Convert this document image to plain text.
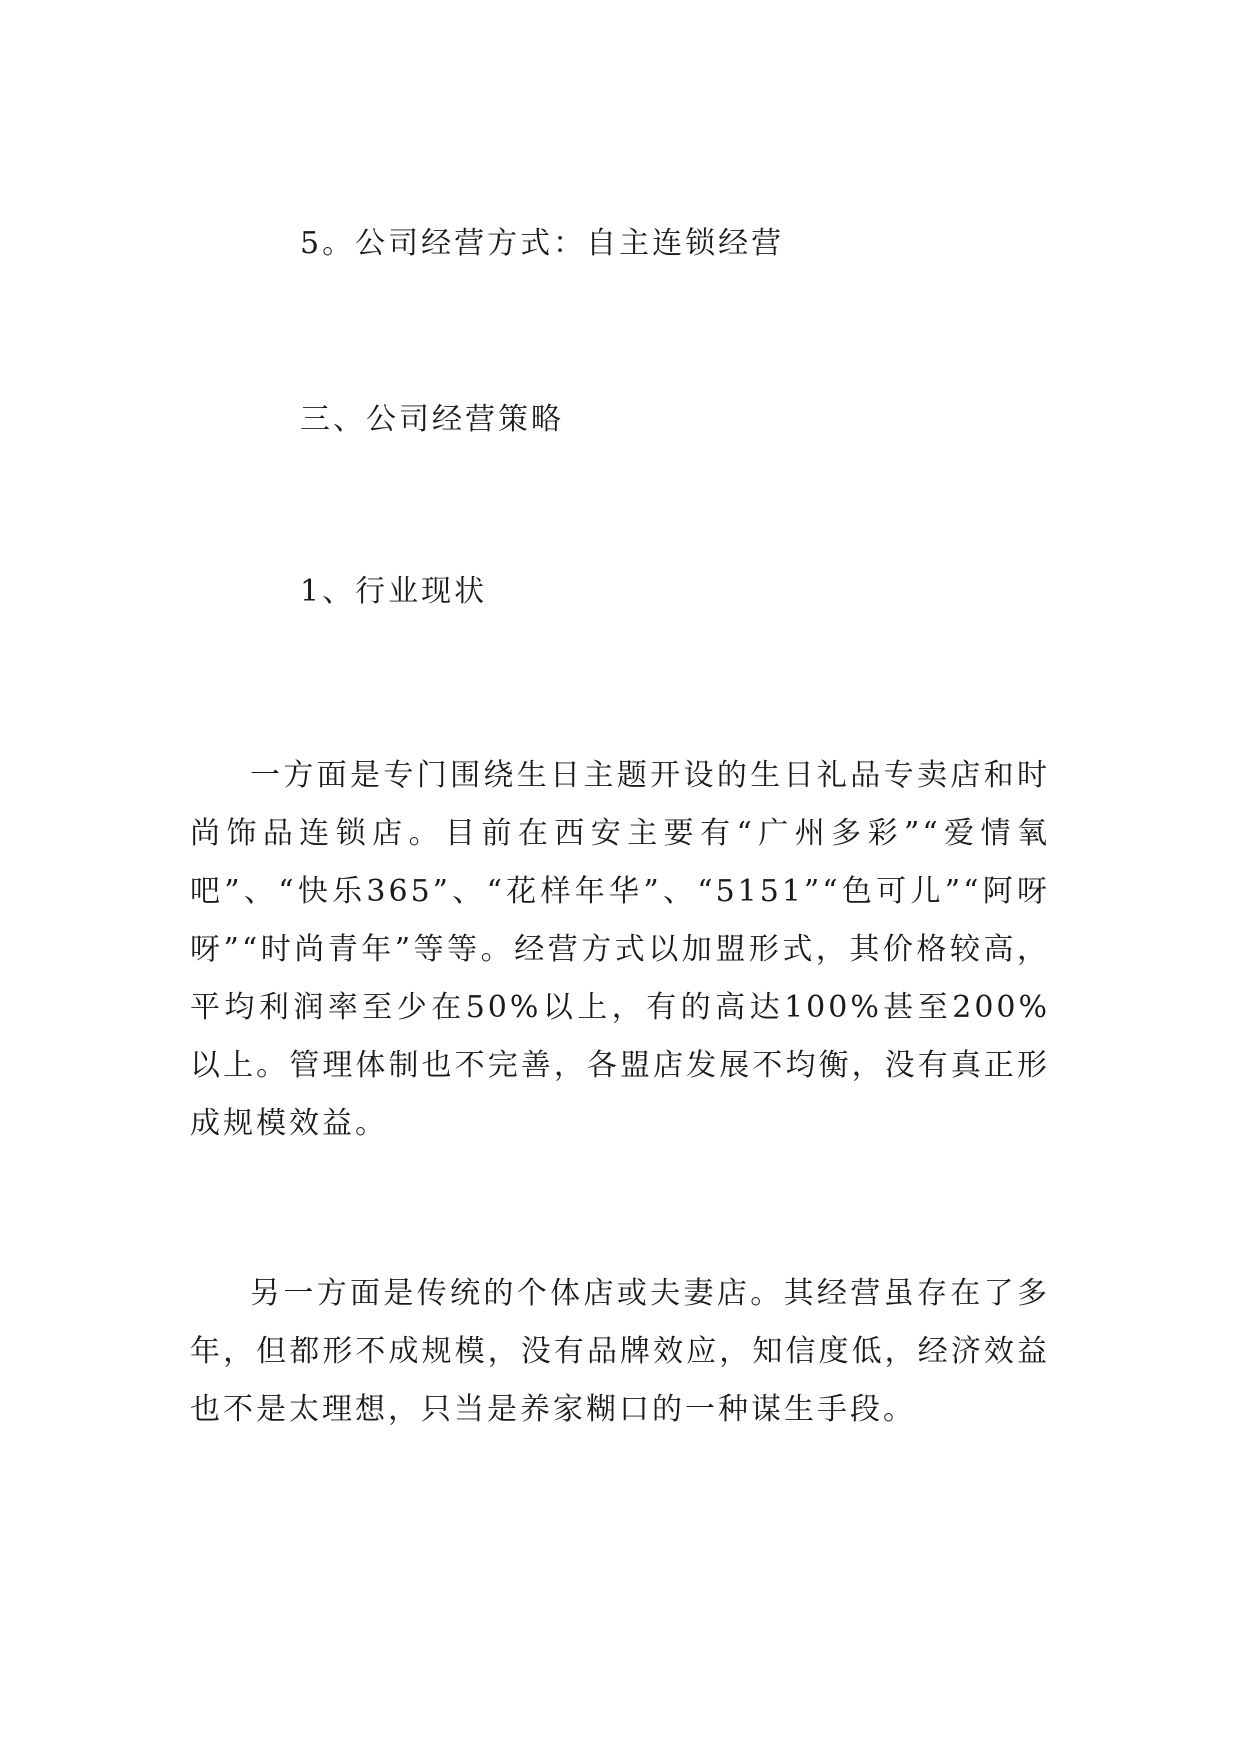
5。公司经营方式：自主连锁经营
三、公司经营策略
1、行业现状

一方面是专门围绕生日主题开设的生日礼品专卖店和时尚饰品连锁店。目前在西安主要有“广州多彩”“爱情氧吧”、“快乐365”、“花样年华”、“5151”“色可儿”“阿呀呀”“时尚青年”等等。经营方式以加盟形式，其价格较高，平均利润率至少在50%以上，有的高达100%甚至200%以上。管理体制也不完善，各盟店发展不均衡，没有真正形成规模效益。

另一方面是传统的个体店或夫妻店。其经营虽存在了多年，但都形不成规模，没有品牌效应，知信度低，经济效益也不是太理想，只当是养家糊口的一种谋生手段。
